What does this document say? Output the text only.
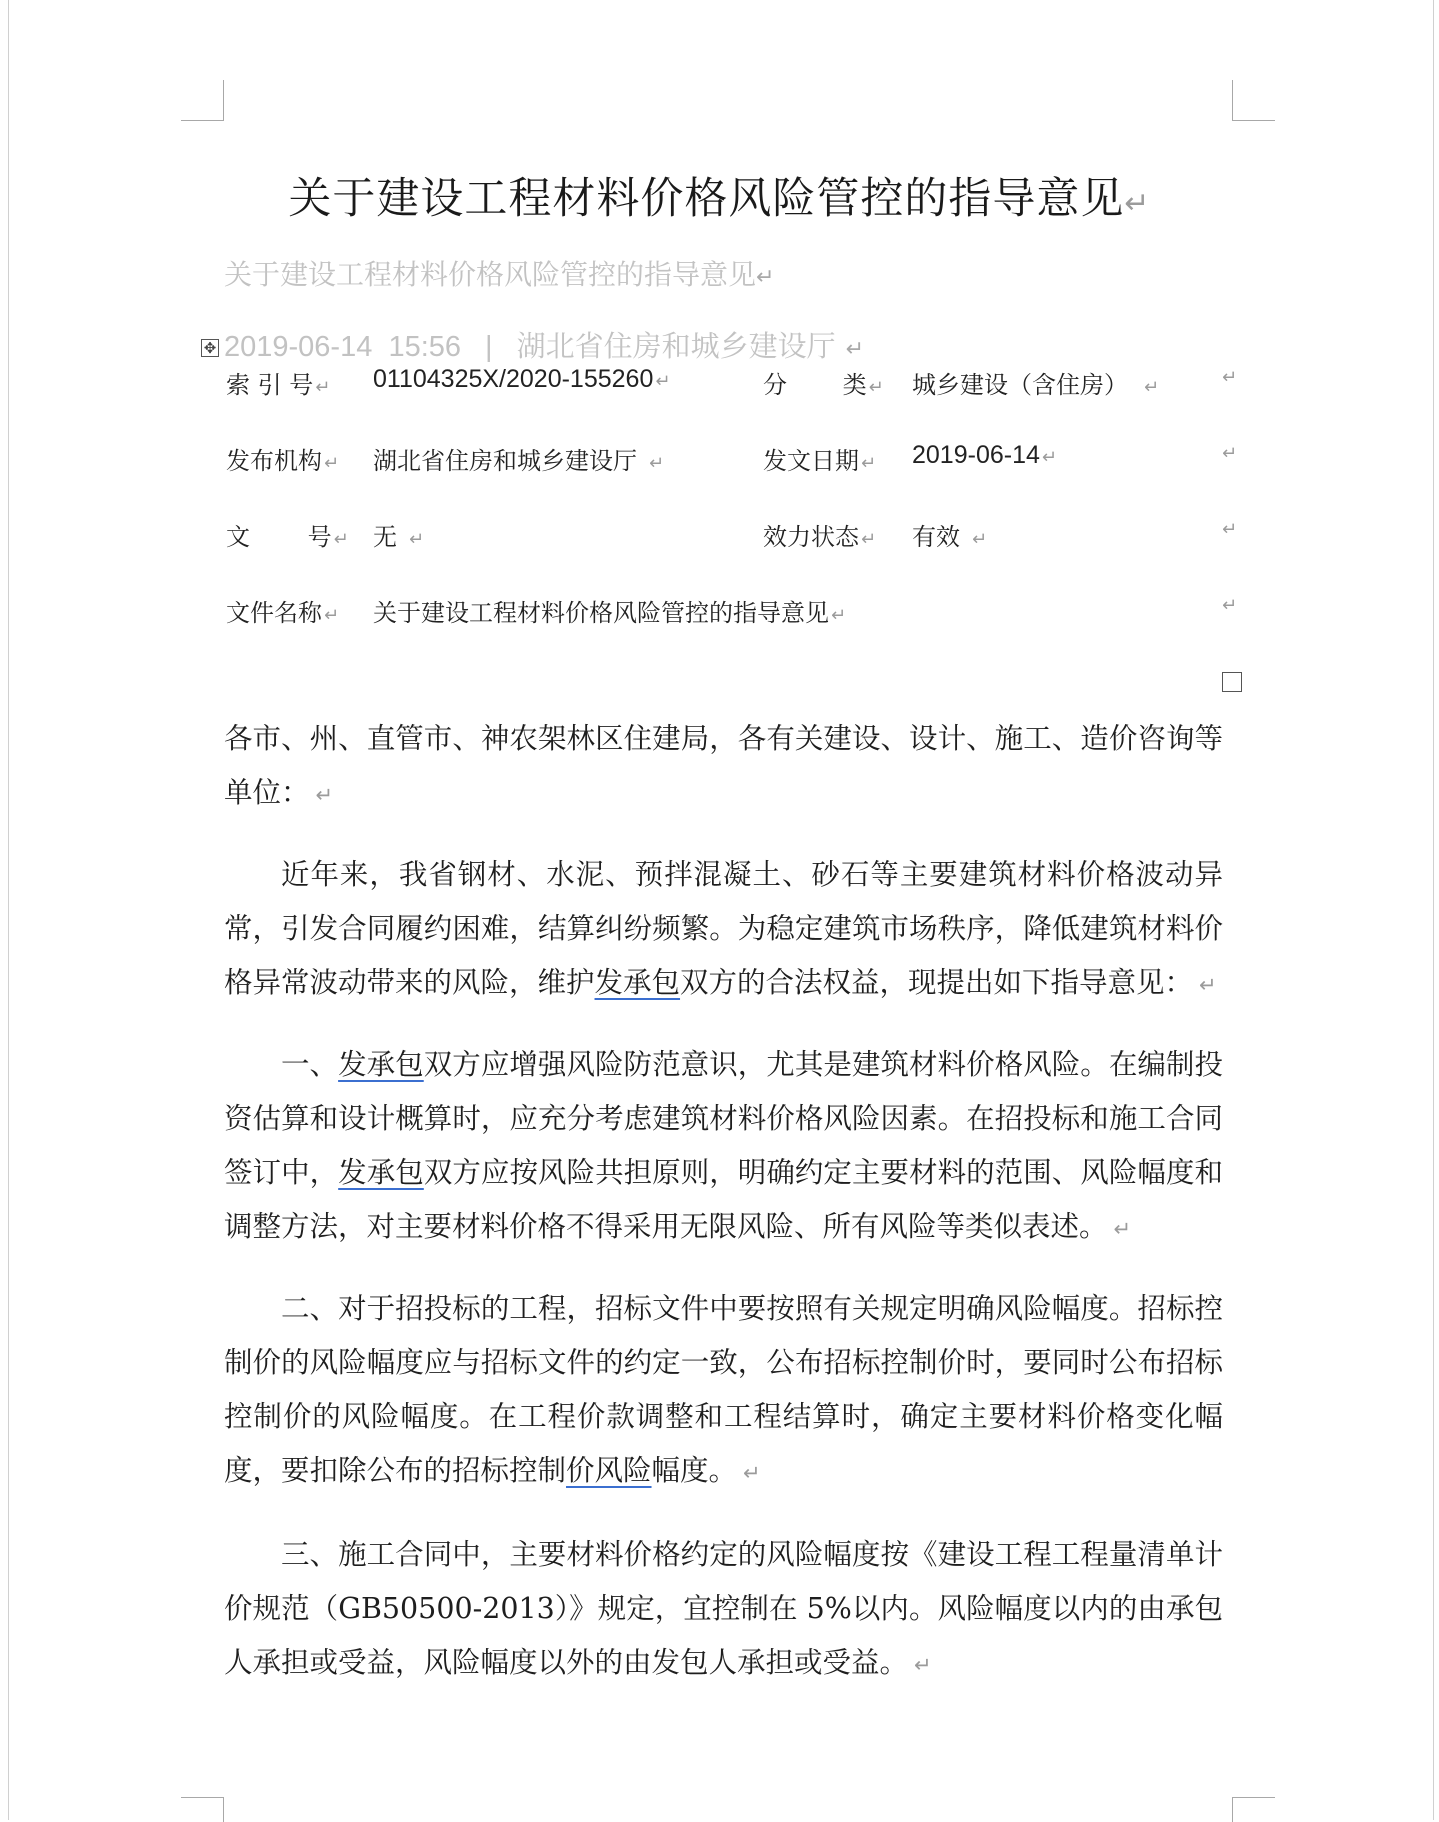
关于建设工程材料价格风险管控的指导意见↵
关于建设工程材料价格风险管控的指导意见↵
2019-06-14 15:56 | 湖北省住房和城乡建设厅 ↵
✥
索 引 号 ↵ 01104325X/2020-155260 ↵	分 类 ↵ 城乡建设（含住房） ↵	↵
发布机构 ↵ 湖北省住房和城乡建设厅 ↵	发文日期 ↵ 2019-06-14 ↵	↵
文 号 ↵ 无 ↵	效力状态 ↵ 有效 ↵	↵
文件名称 ↵ 关于建设工程材料价格风险管控的指导意见 ↵	↵
各市、州、直管市、神农架林区住建局，各有关建设、设计、施工、造价咨询等单位： ↵
近年来，我省钢材、水泥、预拌混凝土、砂石等主要建筑材料价格波动异常，引发合同履约困难，结算纠纷频繁。为稳定建筑市场秩序，降低建筑材料价格异常波动带来的风险，维护发承包双方的合法权益，现提出如下指导意见： ↵
一、发承包双方应增强风险防范意识，尤其是建筑材料价格风险。在编制投资估算和设计概算时，应充分考虑建筑材料价格风险因素。在招投标和施工合同签订中，发承包双方应按风险共担原则，明确约定主要材料的范围、风险幅度和调整方法，对主要材料价格不得采用无限风险、所有风险等类似表述。 ↵
二、对于招投标的工程，招标文件中要按照有关规定明确风险幅度。招标控制价的风险幅度应与招标文件的约定一致，公布招标控制价时，要同时公布招标控制价的风险幅度。在工程价款调整和工程结算时，确定主要材料价格变化幅度，要扣除公布的招标控制价风险幅度。 ↵
三、施工合同中，主要材料价格约定的风险幅度按《建设工程工程量清单计价规范（GB50500-2013）》规定，宜控制在 5%以内。风险幅度以内的由承包人承担或受益，风险幅度以外的由发包人承担或受益。 ↵
